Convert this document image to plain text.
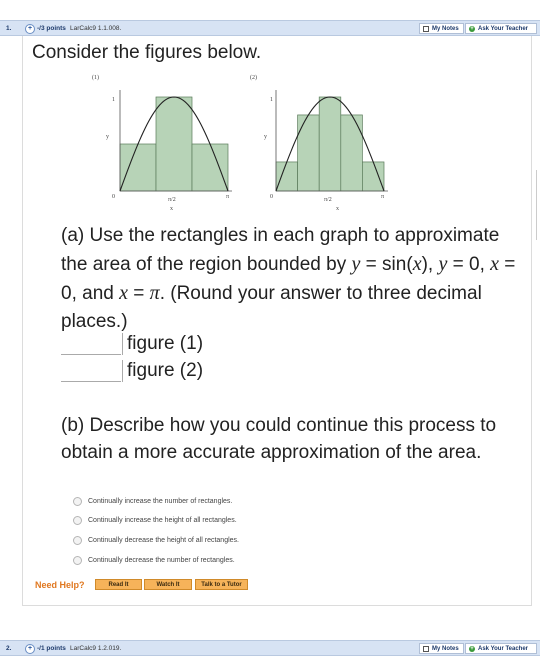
1.	+ -/3 points LarCalc9 1.1.008.	My Notes	+ Ask Your Teacher
Consider the figures below.
(1)
1
y
0	π/2	π
x
(2)
1
y
0	π/2	π
x
(a) Use the rectangles in each graph to approximate the area of the region bounded by y = sin(x), y = 0, x = 0, and x = π. (Round your answer to three decimal places.)
figure (1)
figure (2)
(b) Describe how you could continue this process to obtain a more accurate approximation of the area.
Continually increase the number of rectangles.
Continually increase the height of all rectangles.
Continually decrease the height of all rectangles.
Continually decrease the number of rectangles.
Need Help?	Read It	Watch It	Talk to a Tutor
2.	+ -/1 points LarCalc9 1.2.019.	My Notes	+ Ask Your Teacher
